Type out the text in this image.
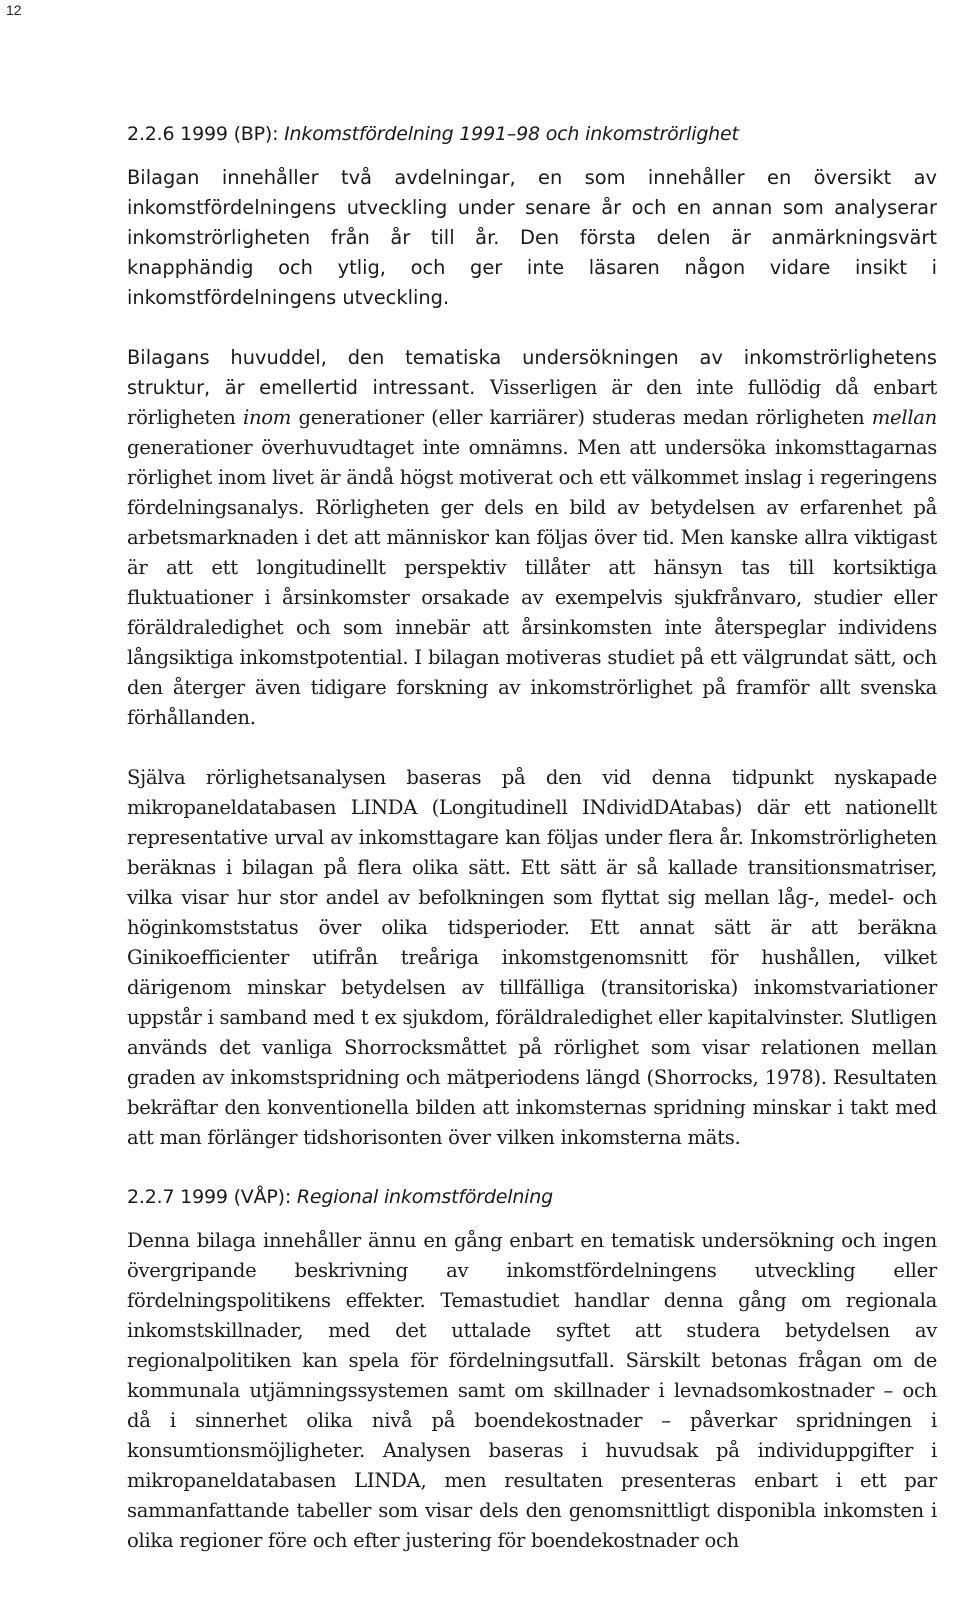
12
2.2.6 1999 (BP): Inkomstfördelning 1991–98 och inkomströrlighet

Bilagan innehåller två avdelningar, en som innehåller en översikt av inkomstfördelningens utveckling under senare år och en annan som analyserar inkomströrligheten från år till år. Den första delen är anmärkningsvärt knapphändig och ytlig, och ger inte läsaren någon vidare insikt i inkomstfördelningens utveckling.

Bilagans huvuddel, den tematiska undersökningen av inkomströrlighetens struktur, är emellertid intressant. Visserligen är den inte fullödig då enbart rörligheten inom generationer (eller karriärer) studeras medan rörligheten mellan generationer överhuvudtaget inte omnämns. Men att undersöka inkomsttagarnas rörlighet inom livet är ändå högst motiverat och ett välkommet inslag i regeringens fördelningsanalys. Rörligheten ger dels en bild av betydelsen av erfarenhet på arbetsmarknaden i det att människor kan följas över tid. Men kanske allra viktigast är att ett longitudinellt perspektiv tillåter att hänsyn tas till kortsiktiga fluktuationer i årsinkomster orsakade av exempelvis sjukfrånvaro, studier eller föräldraledighet och som innebär att årsinkomsten inte återspeglar individens långsiktiga inkomstpotential. I bilagan motiveras studiet på ett välgrundat sätt, och den återger även tidigare forskning av inkomströrlighet på framför allt svenska förhållanden.

Själva rörlighetsanalysen baseras på den vid denna tidpunkt nyskapade mikropaneldatabasen LINDA (Longitudinell INdividDAtabas) där ett nationellt representative urval av inkomsttagare kan följas under flera år. Inkomströrligheten beräknas i bilagan på flera olika sätt. Ett sätt är så kallade transitionsmatriser, vilka visar hur stor andel av befolkningen som flyttat sig mellan låg-, medel- och höginkomststatus över olika tidsperioder. Ett annat sätt är att beräkna Ginikoefficienter utifrån treåriga inkomstgenomsnitt för hushållen, vilket därigenom minskar betydelsen av tillfälliga (transitoriska) inkomstvariationer uppstår i samband med t ex sjukdom, föräldraledighet eller kapitalvinster. Slutligen används det vanliga Shorrocksmåttet på rörlighet som visar relationen mellan graden av inkomstspridning och mätperiodens längd (Shorrocks, 1978). Resultaten bekräftar den konventionella bilden att inkomsternas spridning minskar i takt med att man förlänger tidshorisonten över vilken inkomsterna mäts.

2.2.7 1999 (VÅP): Regional inkomstfördelning

Denna bilaga innehåller ännu en gång enbart en tematisk undersökning och ingen övergripande beskrivning av inkomstfördelningens utveckling eller fördelningspolitikens effekter. Temastudiet handlar denna gång om regionala inkomstskillnader, med det uttalade syftet att studera betydelsen av regionalpolitiken kan spela för fördelningsutfall. Särskilt betonas frågan om de kommunala utjämningssystemen samt om skillnader i levnadsomkostnader – och då i sinnerhet olika nivå på boendekostnader – påverkar spridningen i konsumtionsmöjligheter. Analysen baseras i huvudsak på individuppgifter i mikropaneldatabasen LINDA, men resultaten presenteras enbart i ett par sammanfattande tabeller som visar dels den genomsnittligt disponibla inkomsten i olika regioner före och efter justering för boendekostnader och
